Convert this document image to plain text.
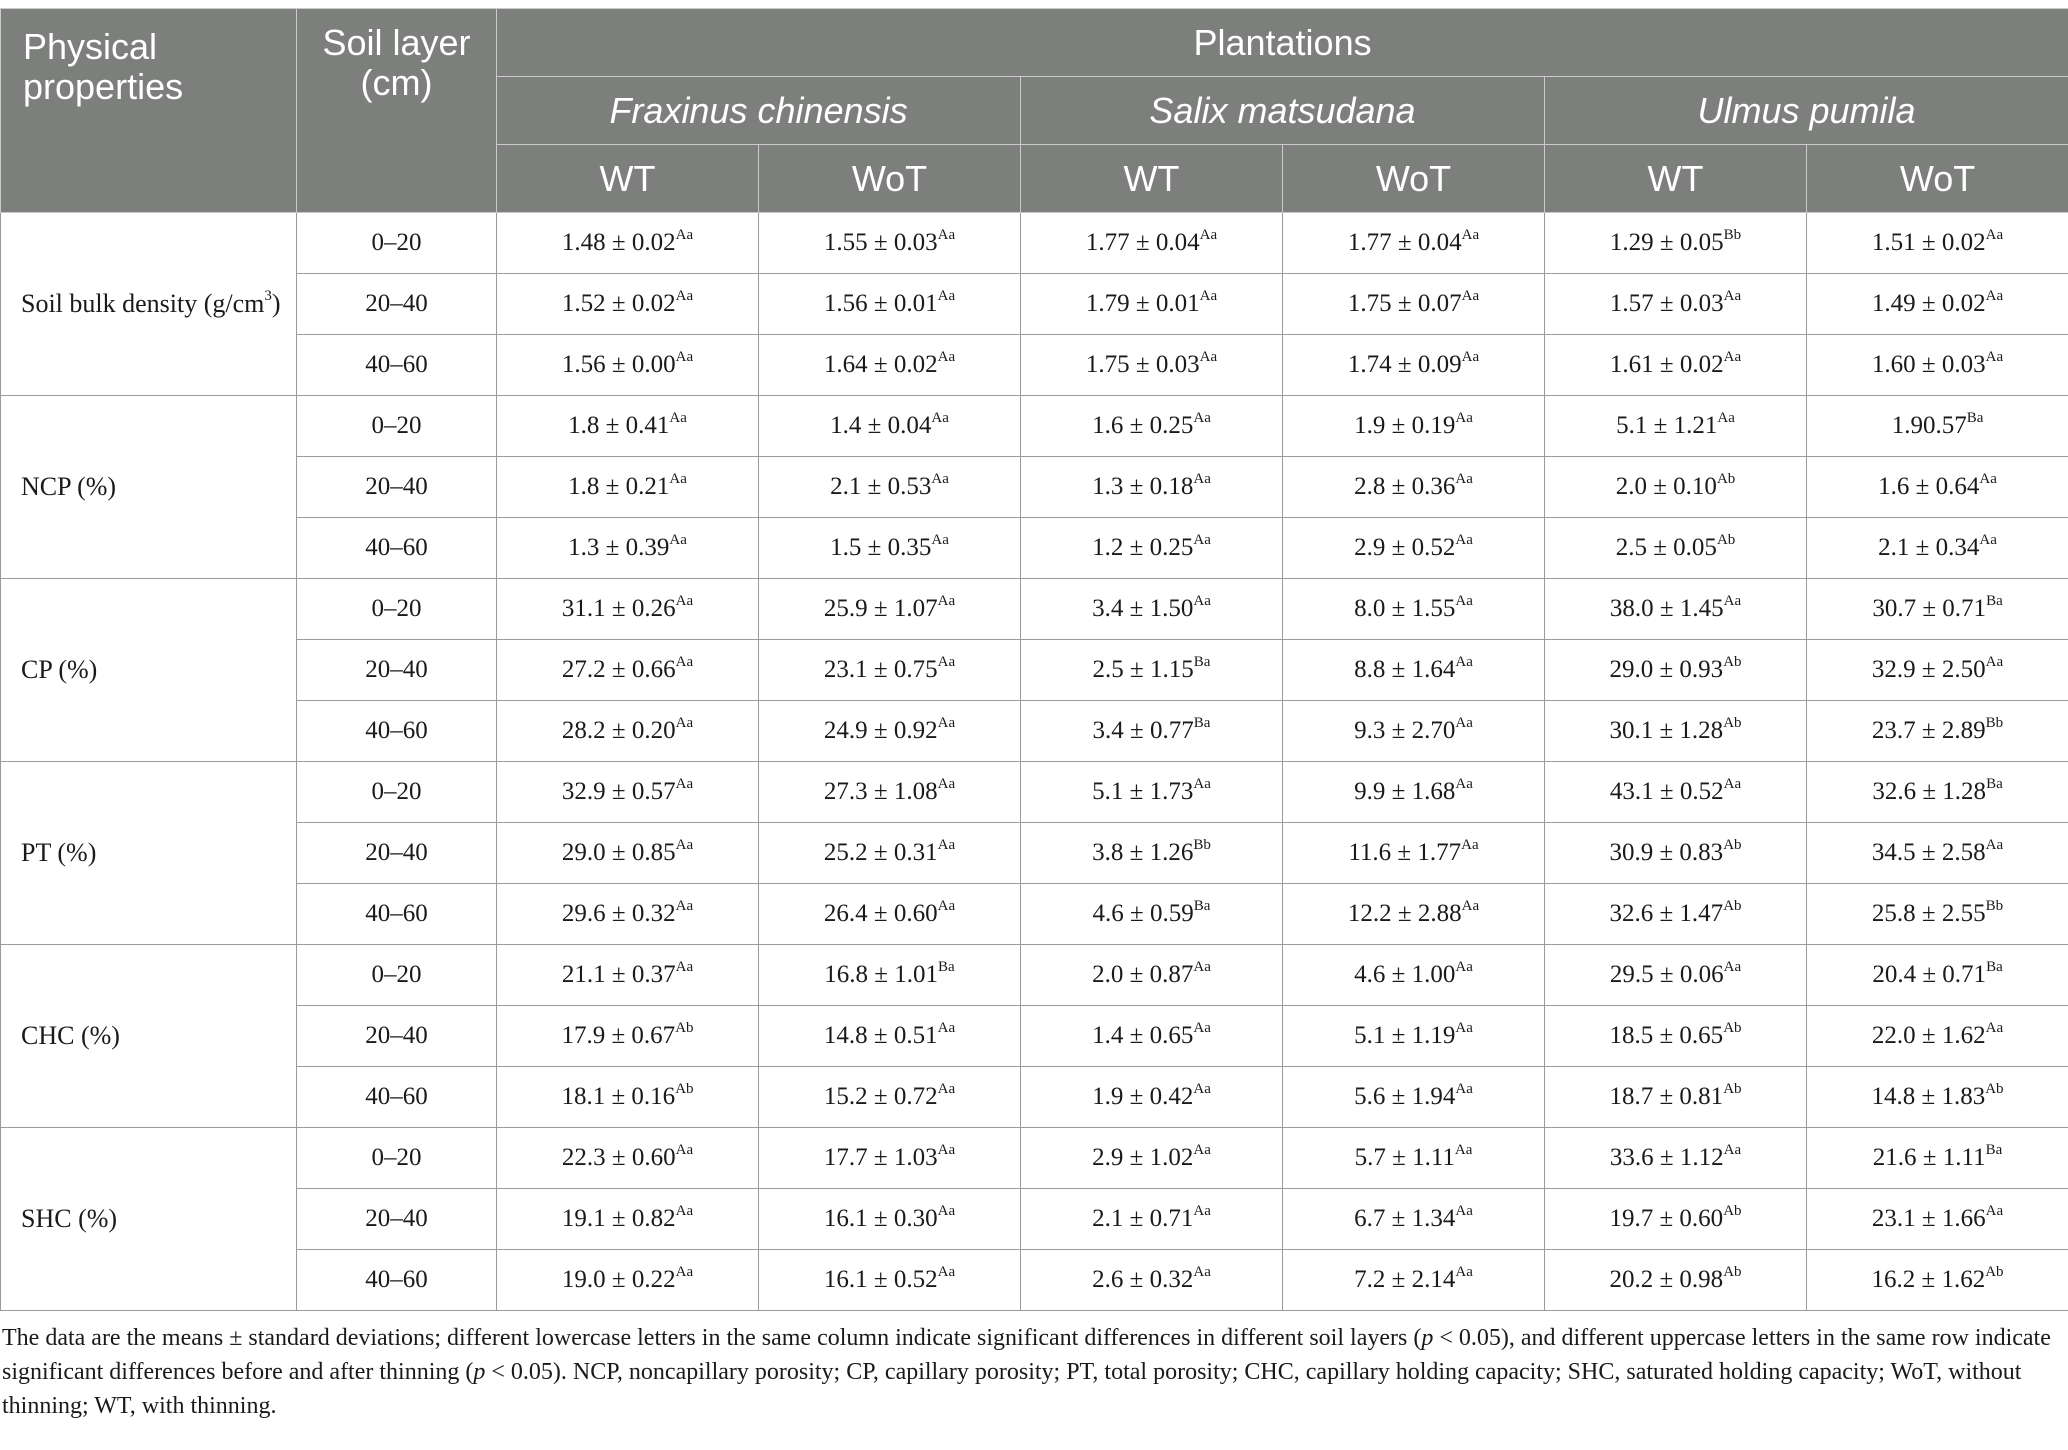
Physical properties	Soil layer (cm)	Plantations					
		Fraxinus chinensis		Salix matsudana		Ulmus pumila	
		WT	WoT	WT	WoT	WT	WoT
Soil bulk density $(g/cm^3)$	0–20	$1.48 \pm 0.02^{Aa}$	$1.55 \pm 0.03^{Aa}$	$1.77 \pm 0.04^{Aa}$	$1.77 \pm 0.04^{Aa}$	$1.29 \pm 0.05^{Bb}$	$1.51 \pm 0.02^{Aa}$
	20–40	$1.52 \pm 0.02^{Aa}$	$1.56 \pm 0.01^{Aa}$	$1.79 \pm 0.01^{Aa}$	$1.75 \pm 0.07^{Aa}$	$1.57 \pm 0.03^{Aa}$	$1.49 \pm 0.02^{Aa}$
	40–60	$1.56 \pm 0.00^{Aa}$	$1.64 \pm 0.02^{Aa}$	$1.75 \pm 0.03^{Aa}$	$1.74 \pm 0.09^{Aa}$	$1.61 \pm 0.02^{Aa}$	$1.60 \pm 0.03^{Aa}$
NCP (%)	0–20	$1.8 \pm 0.41^{Aa}$	$1.4 \pm 0.04^{Aa}$	$1.6 \pm 0.25^{Aa}$	$1.9 \pm 0.19^{Aa}$	$5.1 \pm 1.21^{Aa}$	$1.90.57^{Ba}$
	20–40	$1.8 \pm 0.21^{Aa}$	$2.1 \pm 0.53^{Aa}$	$1.3 \pm 0.18^{Aa}$	$2.8 \pm 0.36^{Aa}$	$2.0 \pm 0.10^{Ab}$	$1.6 \pm 0.64^{Aa}$
	40–60	$1.3 \pm 0.39^{Aa}$	$1.5 \pm 0.35^{Aa}$	$1.2 \pm 0.25^{Aa}$	$2.9 \pm 0.52^{Aa}$	$2.5 \pm 0.05^{Ab}$	$2.1 \pm 0.34^{Aa}$
CP (%)	0–20	$31.1 \pm 0.26^{Aa}$	$25.9 \pm 1.07^{Aa}$	$3.4 \pm 1.50^{Aa}$	$8.0 \pm 1.55^{Aa}$	$38.0 \pm 1.45^{Aa}$	$30.7 \pm 0.71^{Ba}$
	20–40	$27.2 \pm 0.66^{Aa}$	$23.1 \pm 0.75^{Aa}$	$2.5 \pm 1.15^{Ba}$	$8.8 \pm 1.64^{Aa}$	$29.0 \pm 0.93^{Ab}$	$32.9 \pm 2.50^{Aa}$
	40–60	$28.2 \pm 0.20^{Aa}$	$24.9 \pm 0.92^{Aa}$	$3.4 \pm 0.77^{Ba}$	$9.3 \pm 2.70^{Aa}$	$30.1 \pm 1.28^{Ab}$	$23.7 \pm 2.89^{Bb}$
PT (%)	0–20	$32.9 \pm 0.57^{Aa}$	$27.3 \pm 1.08^{Aa}$	$5.1 \pm 1.73^{Aa}$	$9.9 \pm 1.68^{Aa}$	$43.1 \pm 0.52^{Aa}$	$32.6 \pm 1.28^{Ba}$
	20–40	$29.0 \pm 0.85^{Aa}$	$25.2 \pm 0.31^{Aa}$	$3.8 \pm 1.26^{Bb}$	$11.6 \pm 1.77^{Aa}$	$30.9 \pm 0.83^{Ab}$	$34.5 \pm 2.58^{Aa}$
	40–60	$29.6 \pm 0.32^{Aa}$	$26.4 \pm 0.60^{Aa}$	$4.6 \pm 0.59^{Ba}$	$12.2 \pm 2.88^{Aa}$	$32.6 \pm 1.47^{Ab}$	$25.8 \pm 2.55^{Bb}$
CHC (%)	0–20	$21.1 \pm 0.37^{Aa}$	$16.8 \pm 1.01^{Ba}$	$2.0 \pm 0.87^{Aa}$	$4.6 \pm 1.00^{Aa}$	$29.5 \pm 0.06^{Aa}$	$20.4 \pm 0.71^{Ba}$
	20–40	$17.9 \pm 0.67^{Ab}$	$14.8 \pm 0.51^{Aa}$	$1.4 \pm 0.65^{Aa}$	$5.1 \pm 1.19^{Aa}$	$18.5 \pm 0.65^{Ab}$	$22.0 \pm 1.62^{Aa}$
	40–60	$18.1 \pm 0.16^{Ab}$	$15.2 \pm 0.72^{Aa}$	$1.9 \pm 0.42^{Aa}$	$5.6 \pm 1.94^{Aa}$	$18.7 \pm 0.81^{Ab}$	$14.8 \pm 1.83^{Ab}$
SHC (%)	0–20	$22.3 \pm 0.60^{Aa}$	$17.7 \pm 1.03^{Aa}$	$2.9 \pm 1.02^{Aa}$	$5.7 \pm 1.11^{Aa}$	$33.6 \pm 1.12^{Aa}$	$21.6 \pm 1.11^{Ba}$
	20–40	$19.1 \pm 0.82^{Aa}$	$16.1 \pm 0.30^{Aa}$	$2.1 \pm 0.71^{Aa}$	$6.7 \pm 1.34^{Aa}$	$19.7 \pm 0.60^{Ab}$	$23.1 \pm 1.66^{Aa}$
	40–60	$19.0 \pm 0.22^{Aa}$	$16.1 \pm 0.52^{Aa}$	$2.6 \pm 0.32^{Aa}$	$7.2 \pm 2.14^{Aa}$	$20.2 \pm 0.98^{Ab}$	$16.2 \pm 1.62^{Ab}$
The data are the means ± standard deviations; different lowercase letters in the same column indicate significant differences in different soil layers (p < 0.05), and different uppercase letters in the same row indicate significant differences before and after thinning (p < 0.05). NCP, noncapillary porosity; CP, capillary porosity; PT, total porosity; CHC, capillary holding capacity; SHC, saturated holding capacity; WoT, without thinning; WT, with thinning.
